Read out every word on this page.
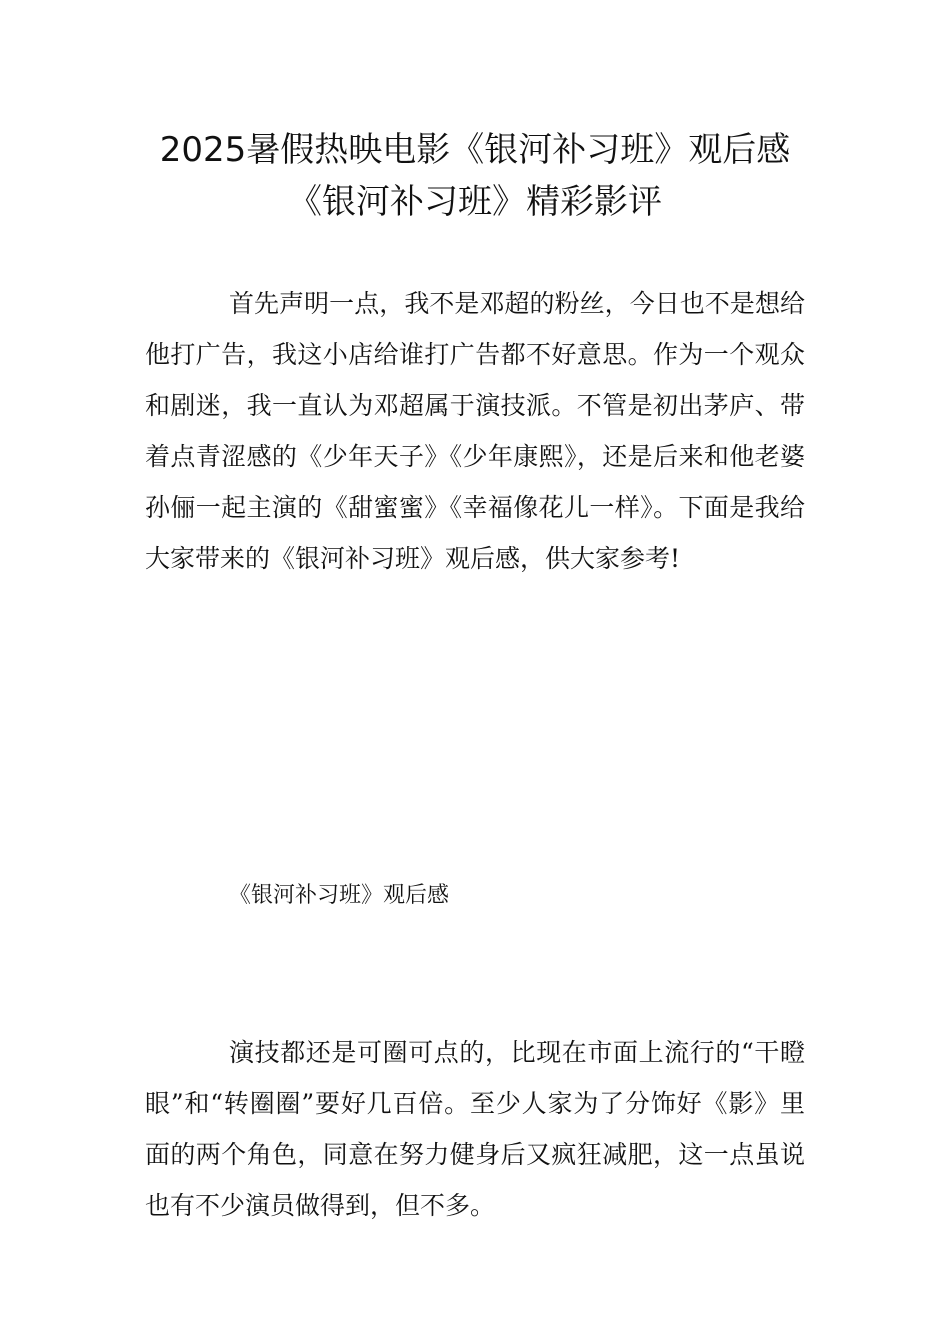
2025暑假热映电影《银河补习班》观后感
《银河补习班》精彩影评

首先声明一点，我不是邓超的粉丝，今日也不是想给他打广告，我这小店给谁打广告都不好意思。作为一个观众和剧迷，我一直认为邓超属于演技派。不管是初出茅庐、带着点青涩感的《少年天子》《少年康熙》，还是后来和他老婆孙俪一起主演的《甜蜜蜜》《幸福像花儿一样》。下面是我给大家带来的《银河补习班》观后感，供大家参考!

《银河补习班》观后感

演技都还是可圈可点的，比现在市面上流行的“干瞪眼”和“转圈圈”要好几百倍。至少人家为了分饰好《影》里面的两个角色，同意在努力健身后又疯狂减肥，这一点虽说也有不少演员做得到，但不多。
